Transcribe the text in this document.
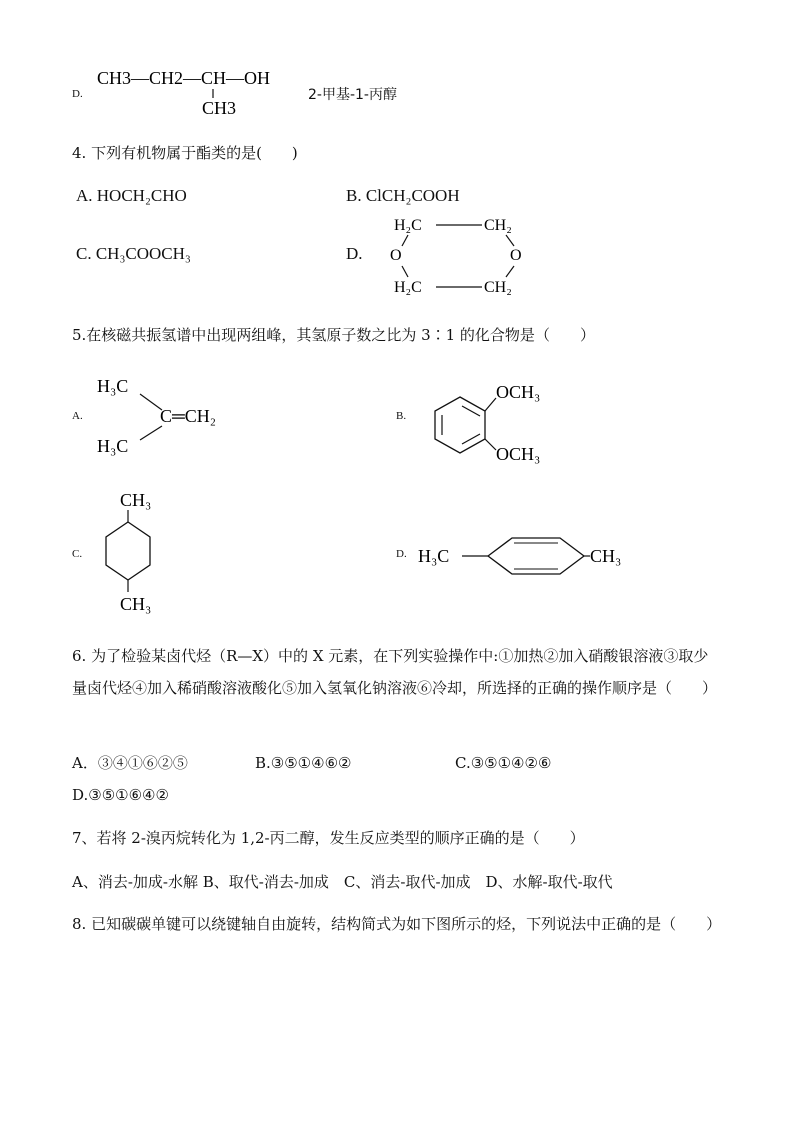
D.
CH3—CH2—CH—OH
CH3
2-甲基-1-丙醇
4. 下列有机物属于酯类的是(　　)
A. HOCH₂CHO	B. ClCH₂COOH
C. CH₃COOCH₃	D.
H₂C	CH₂
O	O
H₂C	CH₂
5.在核磁共振氢谱中出现两组峰，其氢原子数之比为 3∶1 的化合物是（　　）
A.
H₃C
C═CH₂
H₃C
B.
OCH₃
OCH₃
C.
CH₃
CH₃
D. H₃C	CH₃
6. 为了检验某卤代烃（R—X）中的 X 元素，在下列实验操作中:①加热②加入硝酸银溶液③取少量卤代烃④加入稀硝酸溶液酸化⑤加入氢氧化钠溶液⑥冷却，所选择的正确的操作顺序是（　　）
A．③④①⑥②⑤	B.③⑤①④⑥②	C.③⑤①④②⑥
D.③⑤①⑥④②
7、若将 2-溴丙烷转化为 1,2-丙二醇，发生反应类型的顺序正确的是（　　）
A、消去-加成-水解 B、取代-消去-加成　C、消去-取代-加成　D、水解-取代-取代
8. 已知碳碳单键可以绕键轴自由旋转，结构简式为如下图所示的烃，下列说法中正确的是（　　）
